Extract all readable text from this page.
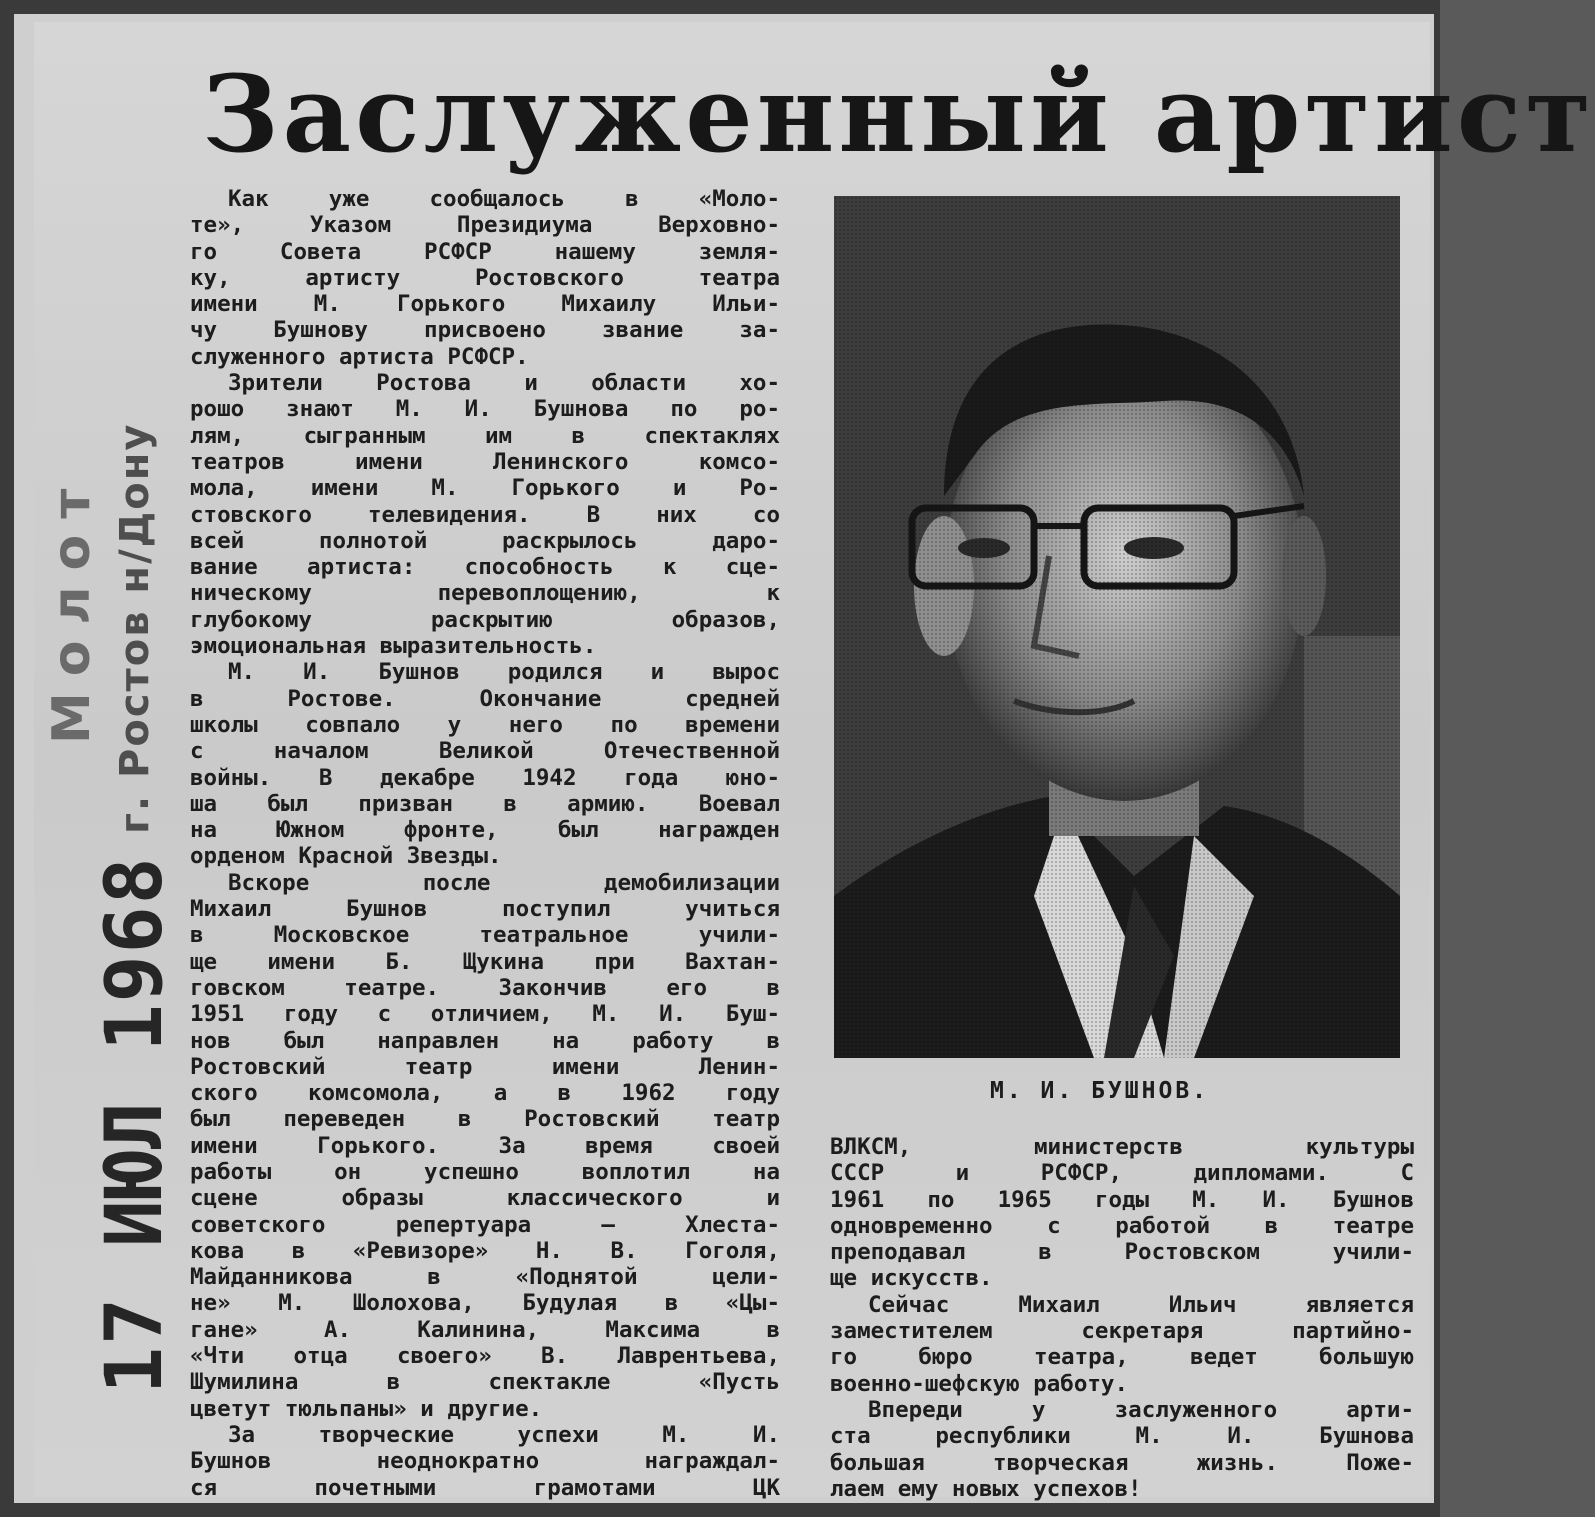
Заслуженный артист
Молот г. Ростов н/Дону
17 ИЮЛ 1968
Как уже сообщалось в «Моло-
те», Указом Президиума Верховно-
го Совета РСФСР нашему земля-
ку, артисту Ростовского театра
имени М. Горького Михаилу Ильи-
чу Бушнову присвоено звание за-
служенного артиста РСФСР.
Зрители Ростова и области хо-
рошо знают М. И. Бушнова по ро-
лям, сыгранным им в спектаклях
театров имени Ленинского комсо-
мола, имени М. Горького и Ро-
стовского телевидения. В них со
всей полнотой раскрылось дарo-
вание артиста: способность к сце-
ническому перевоплощению, к
глубокому раскрытию образов,
эмоциональная выразительность.
М. И. Бушнов родился и вырос
в Ростове. Окончание средней
школы совпало у него по времени
с началом Великой Отечественной
войны. В декабре 1942 года юно-
ша был призван в армию. Воевал
на Южном фронте, был награжден
орденом Красной Звезды.
Вскоре после демобилизации
Михаил Бушнов поступил учиться
в Московское театральное учили-
ще имени Б. Щукина при Вахтан-
говском театре. Закончив его в
1951 году с отличием, М. И. Буш-
нов был направлен на работу в
Ростовский театр имени Ленин-
ского комсомола, а в 1962 году
был переведен в Ростовский театр
имени Горького. За время своей
работы он успешно воплотил на
сцене образы классического и
советского репертуара — Хлеста-
кова в «Ревизоре» Н. В. Гоголя,
Майданникова в «Поднятой цели-
не» М. Шолохова, Будулая в «Цы-
гане» А. Калинина, Максима в
«Чти отца своего» В. Лаврентьева,
Шумилина в спектакле «Пусть
цветут тюльпаны» и другие.
За творческие успехи М. И.
Бушнов неоднократно награждал-
ся почетными грамотами ЦК
М. И. БУШНОВ.
ВЛКСМ, министерств культуры
СССР и РСФСР, дипломами. С
1961 по 1965 годы М. И. Бушнов
одновременно с работой в театре
преподавал в Ростовском учили-
ще искусств.
Сейчас Михаил Ильич является
заместителем секретаря партийно-
го бюро театра, ведет большую
военно-шефскую работу.
Впереди у заслуженного арти-
ста республики М. И. Бушнова
большая творческая жизнь. Поже-
лаем ему новых успехов!
